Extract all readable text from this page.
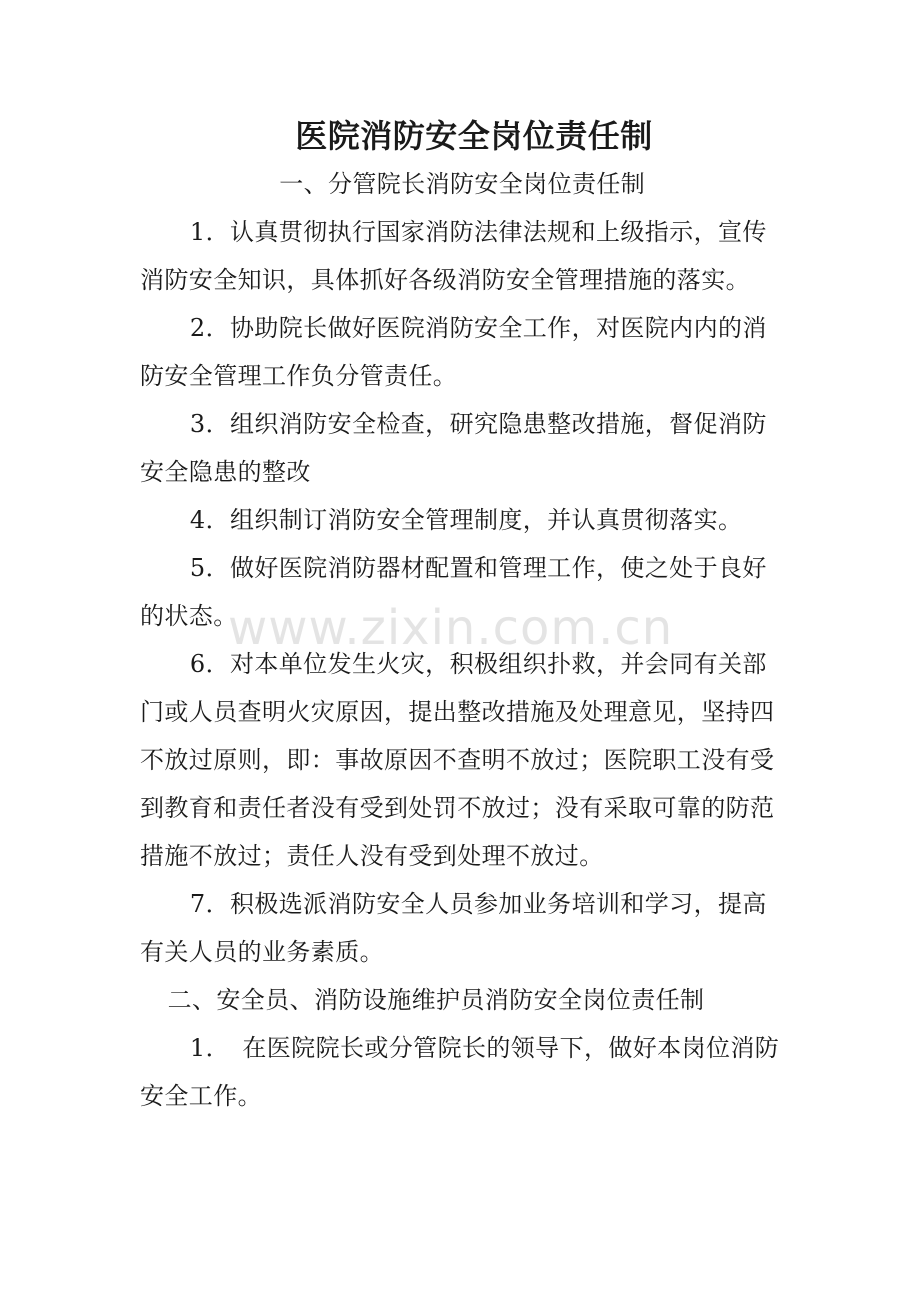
医院消防安全岗位责任制

一、分管院长消防安全岗位责任制

1．认真贯彻执行国家消防法律法规和上级指示，宣传消防安全知识，具体抓好各级消防安全管理措施的落实。

2．协助院长做好医院消防安全工作，对医院内内的消防安全管理工作负分管责任。

3．组织消防安全检查，研究隐患整改措施，督促消防安全隐患的整改

4．组织制订消防安全管理制度，并认真贯彻落实。

5．做好医院消防器材配置和管理工作，使之处于良好的状态。

6．对本单位发生火灾，积极组织扑救，并会同有关部门或人员查明火灾原因，提出整改措施及处理意见，坚持四不放过原则，即：事故原因不查明不放过；医院职工没有受到教育和责任者没有受到处罚不放过；没有采取可靠的防范措施不放过；责任人没有受到处理不放过。

7．积极选派消防安全人员参加业务培训和学习，提高有关人员的业务素质。

二、安全员、消防设施维护员消防安全岗位责任制

1．　在医院院长或分管院长的领导下，做好本岗位消防安全工作。

www.zixin.com.cn
